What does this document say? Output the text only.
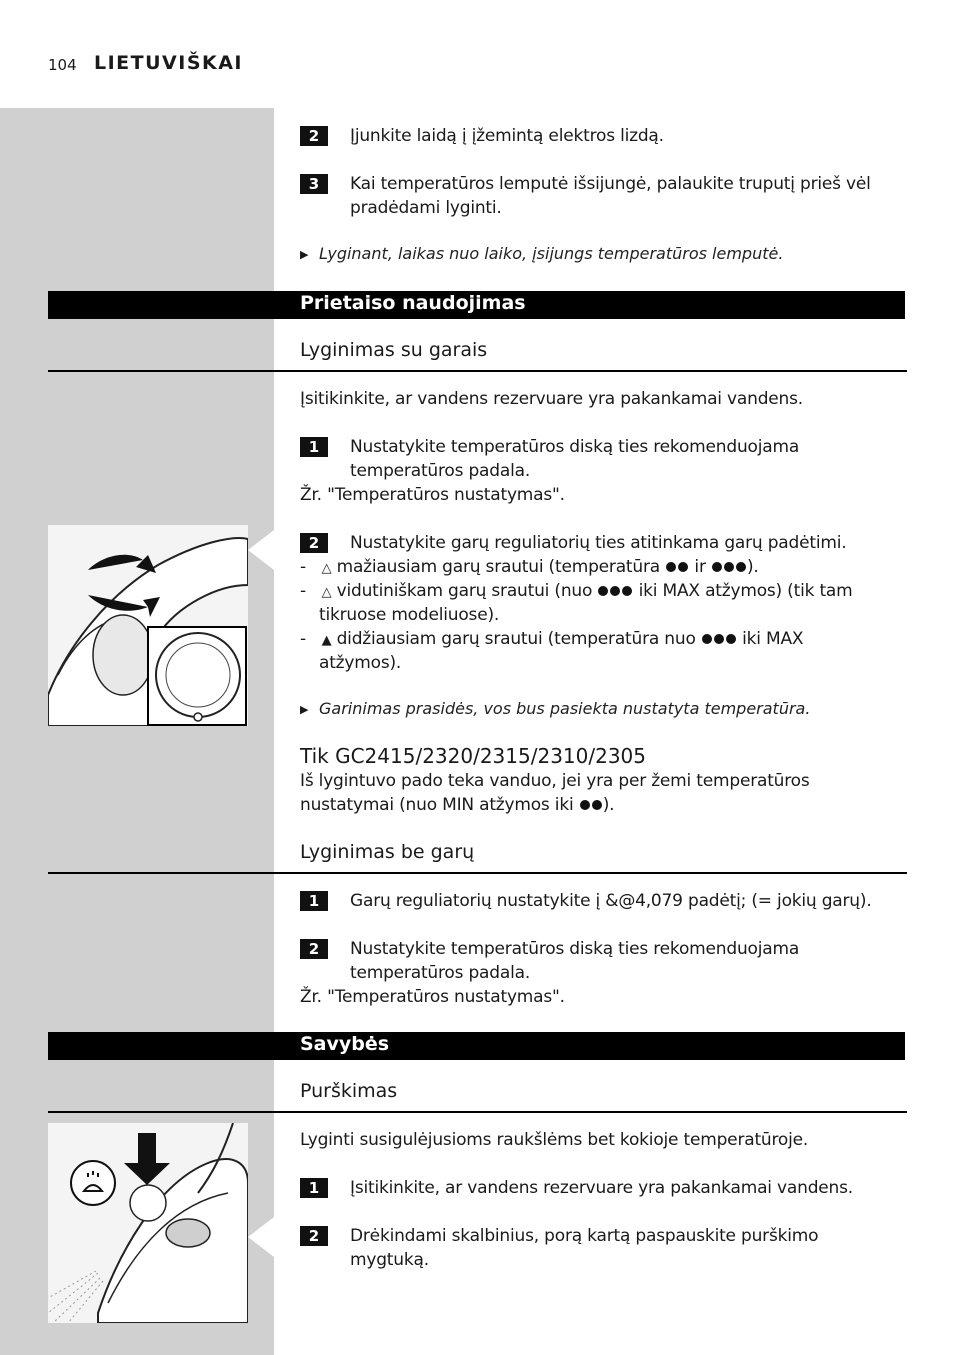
104 LIETUVIŠKAI
2	Įjunkite laidą į įžemintą elektros lizdą.
3	Kai temperatūros lemputė išsijungė, palaukite truputį prieš vėl
pradėdami lyginti.
▶ Lyginant, laikas nuo laiko, įsijungs temperatūros lemputė.
Prietaiso naudojimas
Lyginimas su garais
Įsitikinkite, ar vandens rezervuare yra pakankamai vandens.
1	Nustatykite temperatūros diską ties rekomenduojama
temperatūros padala.
Žr. "Temperatūros nustatymas".
2	Nustatykite garų reguliatorių ties atitinkama garų padėtimi.
- △ mažiausiam garų srautui (temperatūra ir ).
- △ vidutiniškam garų srautui (nuo	iki MAX atžymos) (tik tam
tikruose modeliuose).
- ▲ didžiausiam garų srautui (temperatūra nuo	iki MAX
atžymos).
▶ Garinimas prasidės, vos bus pasiekta nustatyta temperatūra.
Tik GC2415/2320/2315/2310/2305
Iš lygintuvo pado teka vanduo, jei yra per žemi temperatūros
nustatymai (nuo MIN atžymos iki ).
Lyginimas be garų
1	Garų reguliatorių nustatykite į &@4,079 padėtį; (= jokių garų).
2	Nustatykite temperatūros diską ties rekomenduojama
temperatūros padala.
Žr. "Temperatūros nustatymas".
Savybės
Purškimas
Lyginti susigulėjusioms raukšlėms bet kokioje temperatūroje.
1	Įsitikinkite, ar vandens rezervuare yra pakankamai vandens.
2	Drėkindami skalbinius, porą kartą paspauskite purškimo
mygtuką.
